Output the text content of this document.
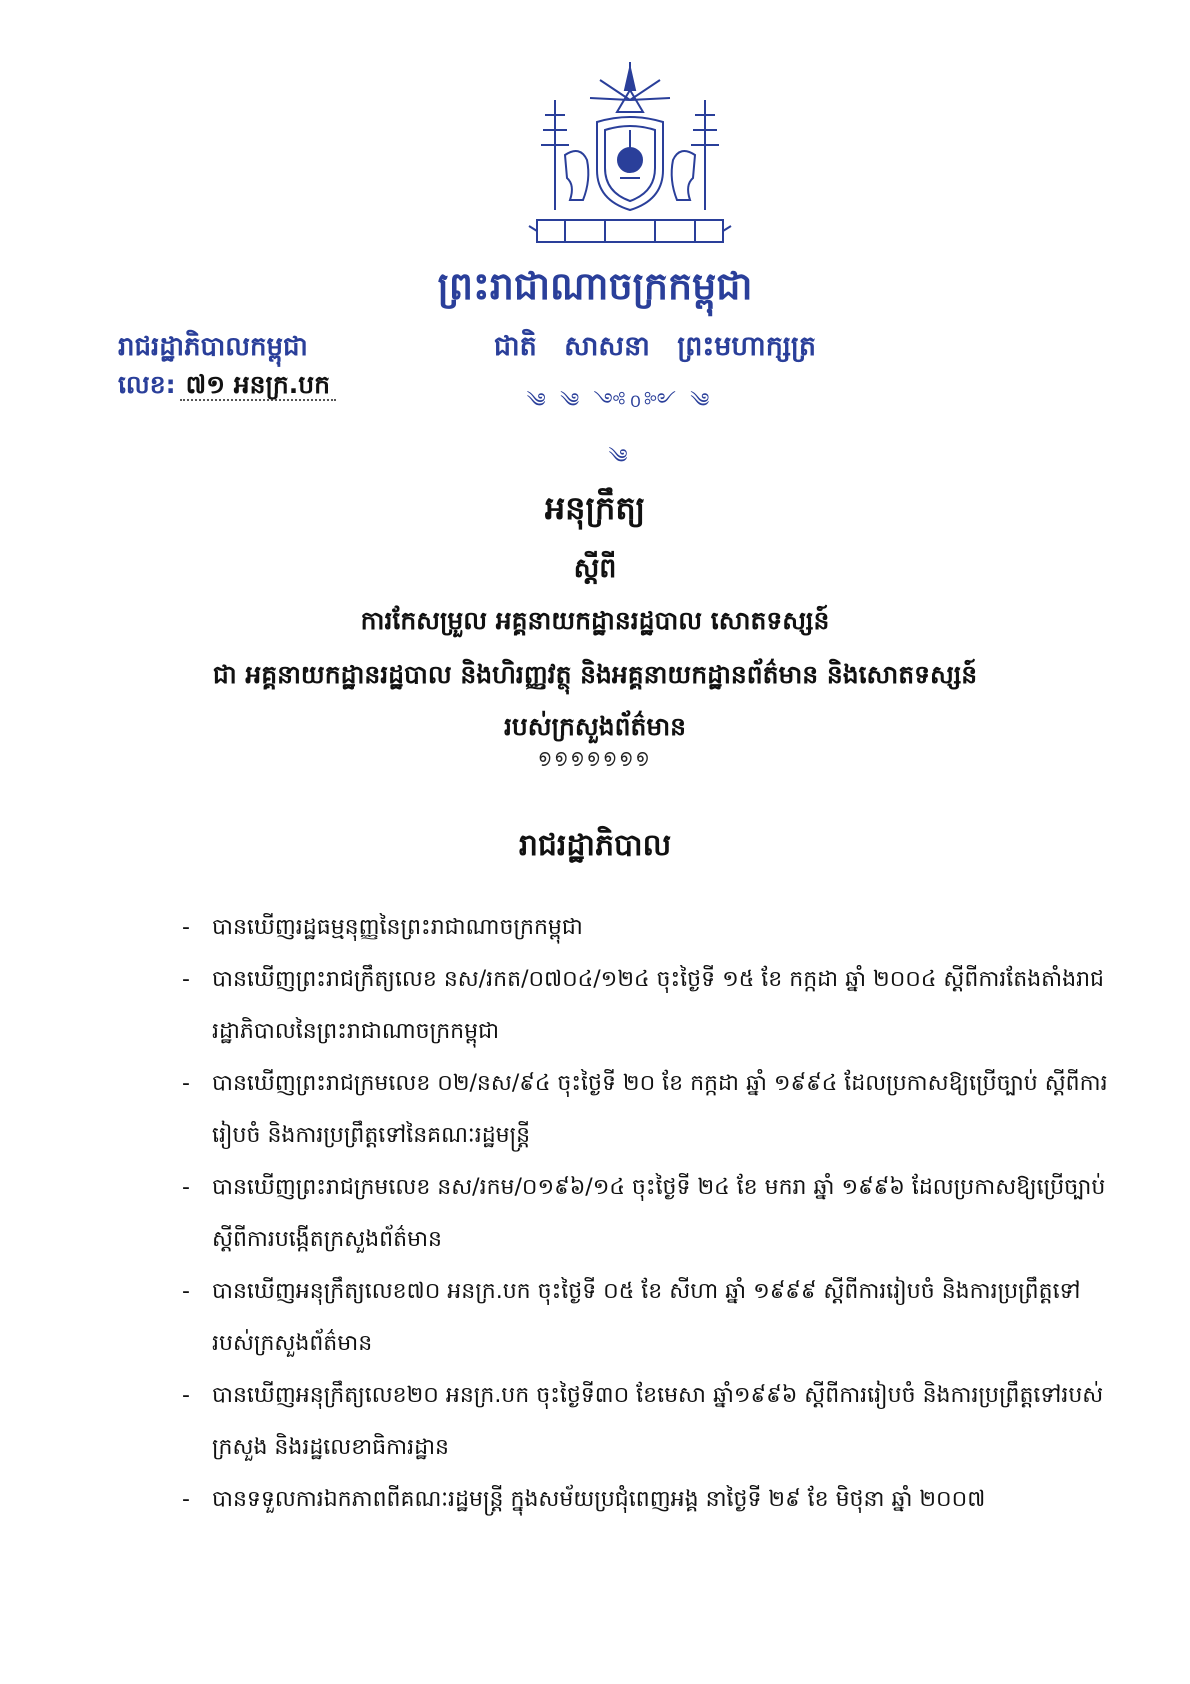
ព្រះរាជាណាចក្រកម្ពុជា
រាជរដ្ឋាភិបាលកម្ពុជា
លេខ: ៧១ អនក្រ.បក
ជាតិ សាសនា ព្រះមហាក្សត្រ
༄ ༄ ༺൦༻ ༄ ༄
អនុក្រឹត្យ
ស្តីពី
ការកែសម្រួល អគ្គនាយកដ្ឋានរដ្ឋបាល សោតទស្សន៍
ជា អគ្គនាយកដ្ឋានរដ្ឋបាល និងហិរញ្ញវត្ថុ និងអគ្គនាយកដ្ឋានព័ត៌មាន និងសោតទស្សន៍
របស់ក្រសួងព័ត៌មាន
൭൭൭൭൭൭൭
រាជរដ្ឋាភិបាល
- បានឃើញរដ្ឋធម្មនុញ្ញនៃព្រះរាជាណាចក្រកម្ពុជា
- បានឃើញព្រះរាជក្រឹត្យលេខ នស/រកត/០៧០៤/១២៤ ចុះថ្ងៃទី ១៥ ខែ កក្កដា ឆ្នាំ ២០០៤ ស្តីពីការតែងតាំងរាជរដ្ឋាភិបាលនៃព្រះរាជាណាចក្រកម្ពុជា
- បានឃើញព្រះរាជក្រមលេខ ០២/នស/៩៤ ចុះថ្ងៃទី ២០ ខែ កក្កដា ឆ្នាំ ១៩៩៤ ដែលប្រកាសឱ្យប្រើច្បាប់ ស្តីពីការរៀបចំ និងការប្រព្រឹត្តទៅនៃគណៈរដ្ឋមន្ត្រី
- បានឃើញព្រះរាជក្រមលេខ នស/រកម/០១៩៦/១៤ ចុះថ្ងៃទី ២៤ ខែ មករា ឆ្នាំ ១៩៩៦ ដែលប្រកាសឱ្យប្រើច្បាប់ ស្តីពីការបង្កើតក្រសួងព័ត៌មាន
- បានឃើញអនុក្រឹត្យលេខ៧០ អនក្រ.បក ចុះថ្ងៃទី ០៥ ខែ សីហា ឆ្នាំ ១៩៩៩ ស្តីពីការរៀបចំ និងការប្រព្រឹត្តទៅរបស់ក្រសួងព័ត៌មាន
- បានឃើញអនុក្រឹត្យលេខ២០ អនក្រ.បក ចុះថ្ងៃទី៣០ ខែមេសា ឆ្នាំ១៩៩៦ ស្តីពីការរៀបចំ និងការប្រព្រឹត្តទៅរបស់ក្រសួង និងរដ្ឋលេខាធិការដ្ឋាន
- បានទទួលការឯកភាពពីគណៈរដ្ឋមន្ត្រី ក្នុងសម័យប្រជុំពេញអង្គ នាថ្ងៃទី ២៩ ខែ មិថុនា ឆ្នាំ ២០០៧
